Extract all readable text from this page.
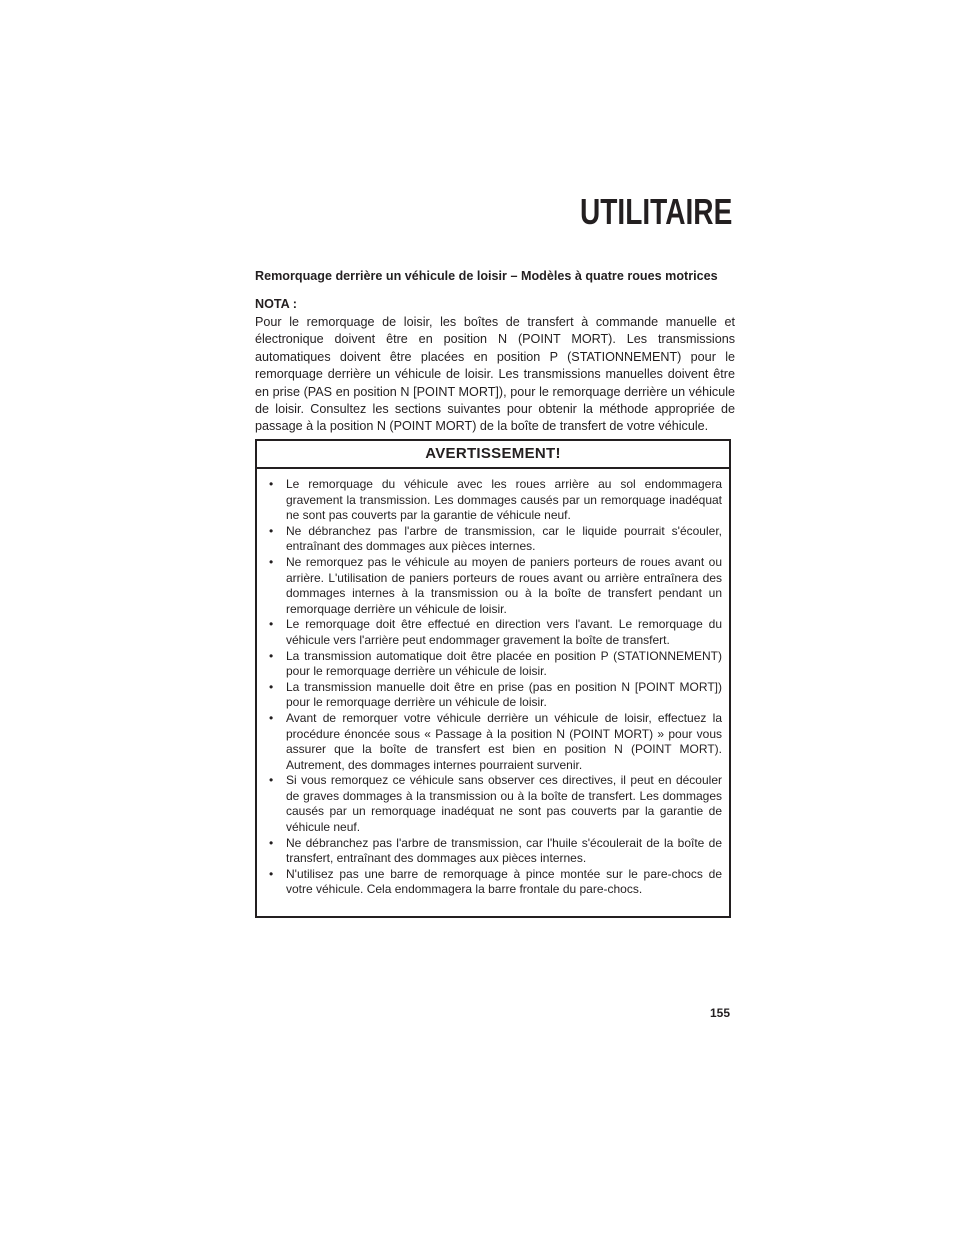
UTILITAIRE

Remorquage derrière un véhicule de loisir – Modèles à quatre roues motrices

NOTA :

Pour le remorquage de loisir, les boîtes de transfert à commande manuelle et électronique doivent être en position N (POINT MORT). Les transmissions automatiques doivent être placées en position P (STATIONNEMENT) pour le remorquage derrière un véhicule de loisir. Les transmissions manuelles doivent être en prise (PAS en position N [POINT MORT]), pour le remorquage derrière un véhicule de loisir. Consultez les sections suivantes pour obtenir la méthode appropriée de passage à la position N (POINT MORT) de la boîte de transfert de votre véhicule.

AVERTISSEMENT!
• Le remorquage du véhicule avec les roues arrière au sol endommagera gravement la transmission. Les dommages causés par un remorquage inadéquat ne sont pas couverts par la garantie de véhicule neuf.
• Ne débranchez pas l'arbre de transmission, car le liquide pourrait s'écouler, entraînant des dommages aux pièces internes.
• Ne remorquez pas le véhicule au moyen de paniers porteurs de roues avant ou arrière. L'utilisation de paniers porteurs de roues avant ou arrière entraînera des dommages internes à la transmission ou à la boîte de transfert pendant un remorquage derrière un véhicule de loisir.
• Le remorquage doit être effectué en direction vers l'avant. Le remorquage du véhicule vers l'arrière peut endommager gravement la boîte de transfert.
• La transmission automatique doit être placée en position P (STATIONNEMENT) pour le remorquage derrière un véhicule de loisir.
• La transmission manuelle doit être en prise (pas en position N [POINT MORT]) pour le remorquage derrière un véhicule de loisir.
• Avant de remorquer votre véhicule derrière un véhicule de loisir, effectuez la procédure énoncée sous « Passage à la position N (POINT MORT) » pour vous assurer que la boîte de transfert est bien en position N (POINT MORT). Autrement, des dommages internes pourraient survenir.
• Si vous remorquez ce véhicule sans observer ces directives, il peut en découler de graves dommages à la transmission ou à la boîte de transfert. Les dommages causés par un remorquage inadéquat ne sont pas couverts par la garantie de véhicule neuf.
• Ne débranchez pas l'arbre de transmission, car l'huile s'écoulerait de la boîte de transfert, entraînant des dommages aux pièces internes.
• N'utilisez pas une barre de remorquage à pince montée sur le pare-chocs de votre véhicule. Cela endommagera la barre frontale du pare-chocs.

155
